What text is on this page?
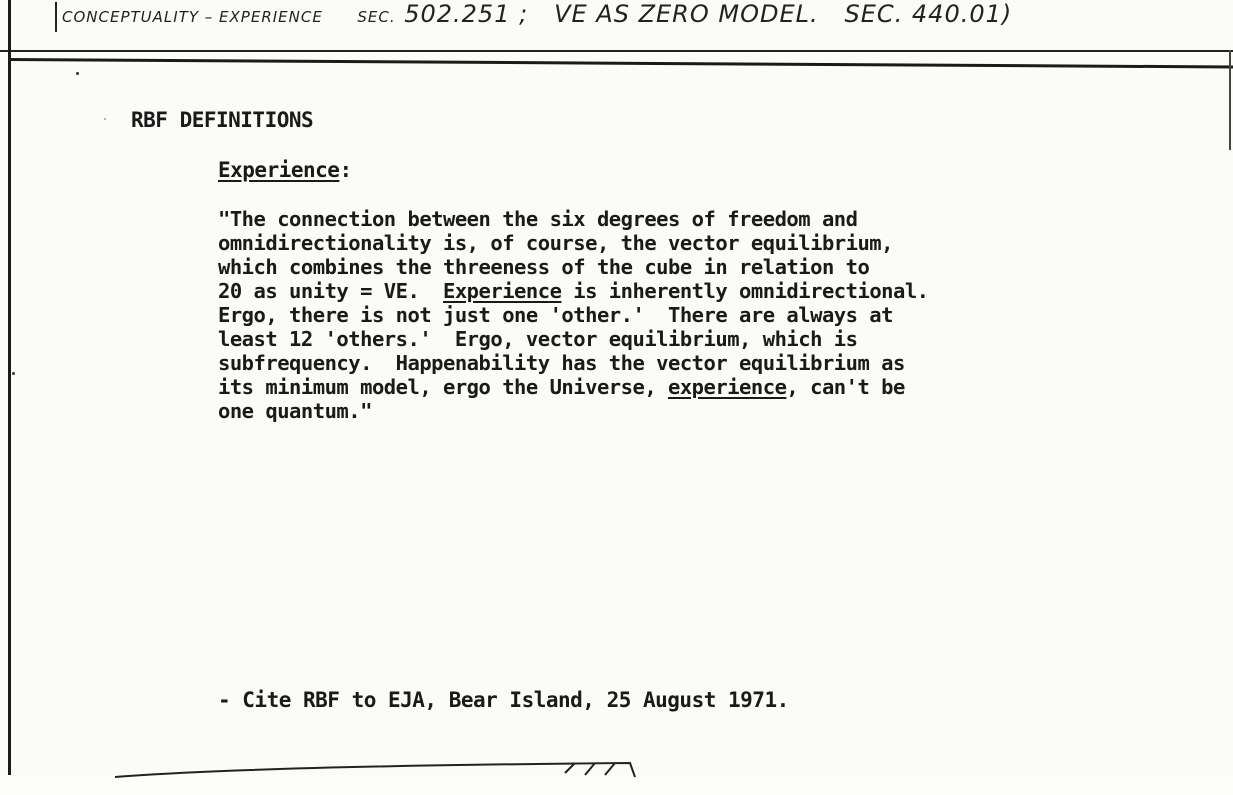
CONCEPTUALITY – EXPERIENCE SEC. 502.251 ;   VE AS ZERO MODEL.   SEC. 440.01)
RBF DEFINITIONS
Experience:
"The connection between the six degrees of freedom and
omnidirectionality is, of course, the vector equilibrium,
which combines the threeness of the cube in relation to
20 as unity = VE.  Experience is inherently omnidirectional.
Ergo, there is not just one 'other.'  There are always at
least 12 'others.'  Ergo, vector equilibrium, which is
subfrequency.  Happenability has the vector equilibrium as
its minimum model, ergo the Universe, experience, can't be
one quantum."
- Cite RBF to EJA, Bear Island, 25 August 1971.
